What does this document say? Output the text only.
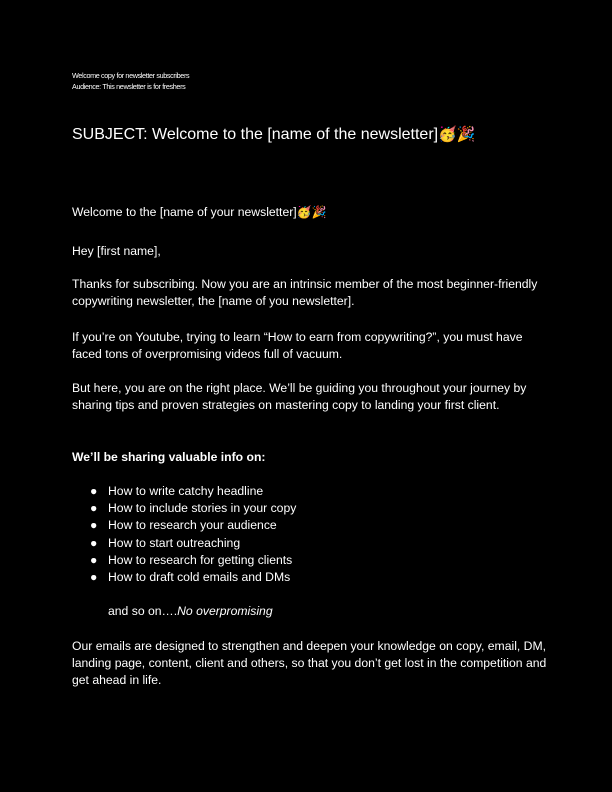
Welcome copy for newsletter subscribers
Audience: This newsletter is for freshers
SUBJECT: Welcome to the [name of the newsletter]🥳🎉
Welcome to the [name of your newsletter]🥳🎉
Hey [first name],
Thanks for subscribing. Now you are an intrinsic member of the most beginner-friendly copywriting newsletter, the [name of you newsletter].
If you’re on Youtube, trying to learn “How to earn from copywriting?”, you must have faced tons of overpromising videos full of vacuum.
But here, you are on the right place. We’ll be guiding you throughout your journey by sharing tips and proven strategies on mastering copy to landing your first client.
We’ll be sharing valuable info on:
● How to write catchy headline
● How to include stories in your copy
● How to research your audience
● How to start outreaching
● How to research for getting clients
● How to draft cold emails and DMs
and so on….No overpromising
Our emails are designed to strengthen and deepen your knowledge on copy, email, DM, landing page, content, client and others, so that you don’t get lost in the competition and get ahead in life.
